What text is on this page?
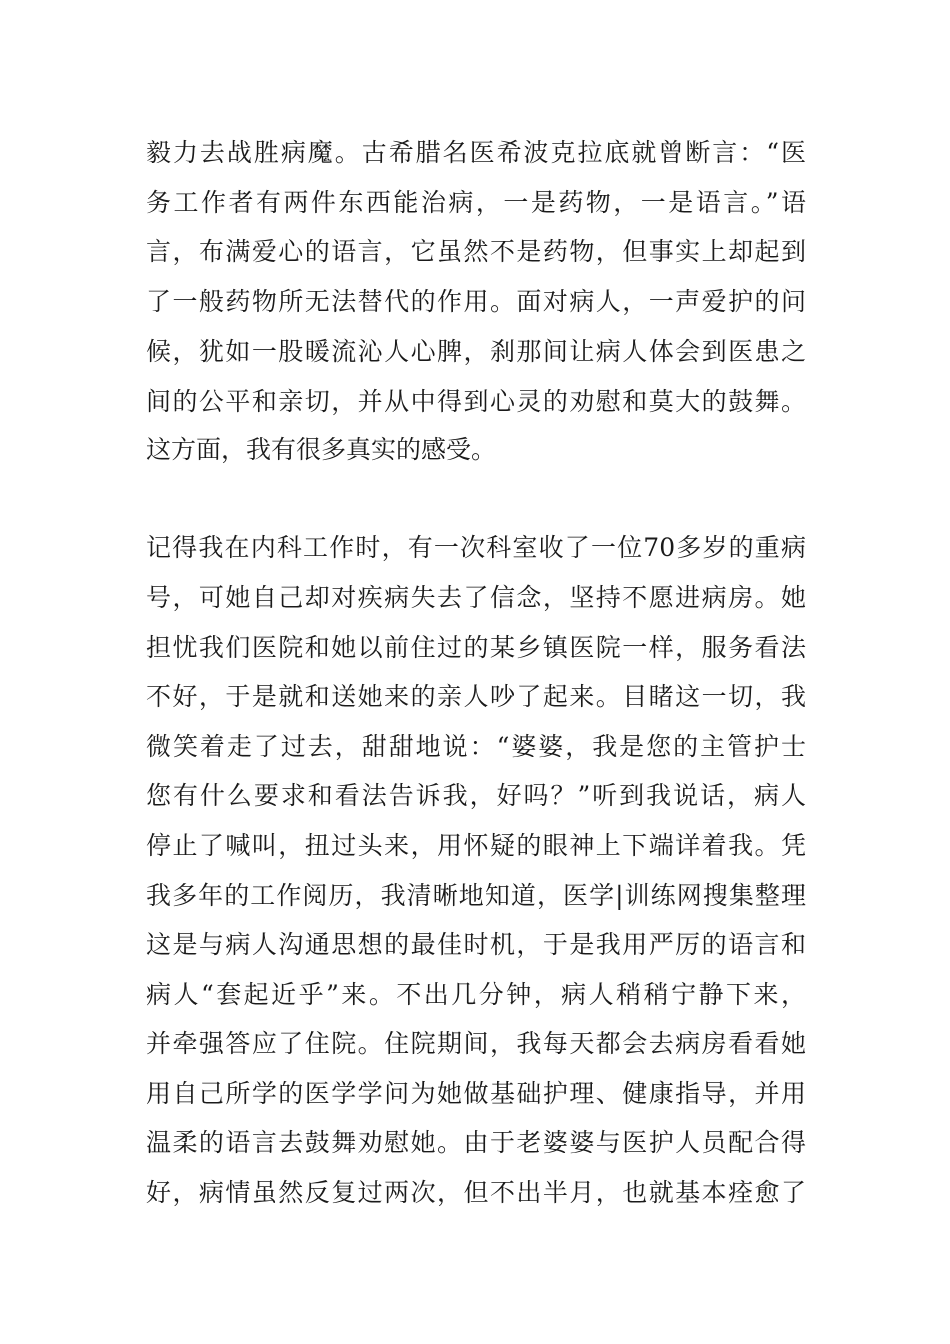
毅力去战胜病魔。古希腊名医希波克拉底就曾断言：“医

务工作者有两件东西能治病，一是药物，一是语言。”语

言，布满爱心的语言，它虽然不是药物，但事实上却起到

了一般药物所无法替代的作用。面对病人，一声爱护的问

候，犹如一股暖流沁人心脾，刹那间让病人体会到医患之

间的公平和亲切，并从中得到心灵的劝慰和莫大的鼓舞。

这方面，我有很多真实的感受。

记得我在内科工作时，有一次科室收了一位70多岁的重病

号，可她自己却对疾病失去了信念，坚持不愿进病房。她

担忧我们医院和她以前住过的某乡镇医院一样，服务看法

不好，于是就和送她来的亲人吵了起来。目睹这一切，我

微笑着走了过去，甜甜地说：“婆婆，我是您的主管护士

您有什么要求和看法告诉我，好吗？”听到我说话，病人

停止了喊叫，扭过头来，用怀疑的眼神上下端详着我。凭

我多年的工作阅历，我清晰地知道，医学|训练网搜集整理

这是与病人沟通思想的最佳时机，于是我用严厉的语言和

病人“套起近乎”来。不出几分钟，病人稍稍宁静下来，

并牵强答应了住院。住院期间，我每天都会去病房看看她

用自己所学的医学学问为她做基础护理、健康指导，并用

温柔的语言去鼓舞劝慰她。由于老婆婆与医护人员配合得

好，病情虽然反复过两次，但不出半月，也就基本痊愈了
